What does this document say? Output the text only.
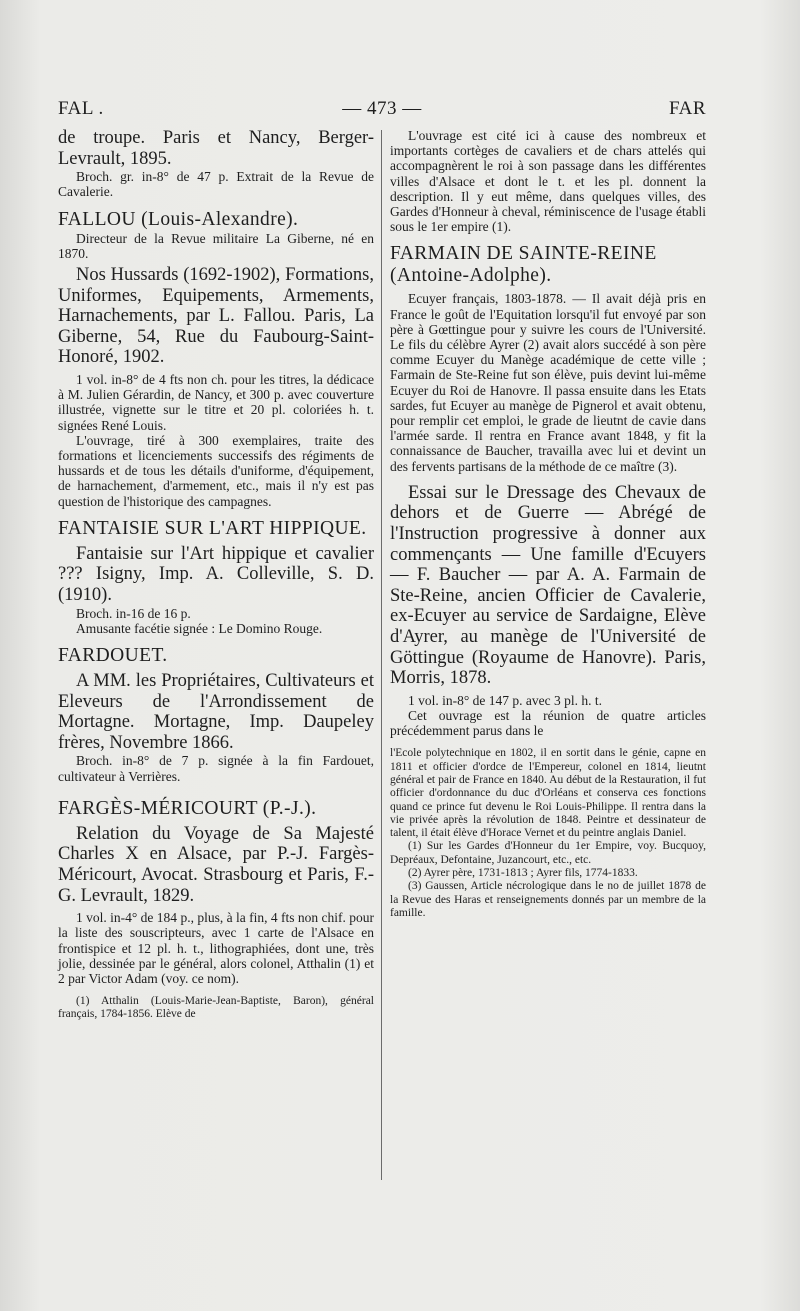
FAL .	— 473 —	FAR

de troupe. Paris et Nancy, Berger-Levrault, 1895.

Broch. gr. in-8° de 47 p. Extrait de la Revue de Cavalerie.

FALLOU (Louis-Alexandre).

Directeur de la Revue militaire La Giberne, né en 1870.

Nos Hussards (1692-1902), Formations, Uniformes, Equipements, Armements, Harnachements, par L. Fallou. Paris, La Giberne, 54, Rue du Faubourg-Saint-Honoré, 1902.

1 vol. in-8° de 4 fts non ch. pour les titres, la dédicace à M. Julien Gérardin, de Nancy, et 300 p. avec couverture illustrée, vignette sur le titre et 20 pl. coloriées h. t. signées René Louis.

L'ouvrage, tiré à 300 exemplaires, traite des formations et licenciements successifs des régiments de hussards et de tous les détails d'uniforme, d'équipement, de harnachement, d'armement, etc., mais il n'y est pas question de l'historique des campagnes.

FANTAISIE SUR L'ART HIPPIQUE.

Fantaisie sur l'Art hippique et cavalier ??? Isigny, Imp. A. Colleville, S. D. (1910).

Broch. in-16 de 16 p.

Amusante facétie signée : Le Domino Rouge.

FARDOUET.

A MM. les Propriétaires, Cultivateurs et Eleveurs de l'Arrondissement de Mortagne. Mortagne, Imp. Daupeley frères, Novembre 1866.

Broch. in-8° de 7 p. signée à la fin Fardouet, cultivateur à Verrières.

FARGÈS-MÉRICOURT (P.-J.).

Relation du Voyage de Sa Majesté Charles X en Alsace, par P.-J. Fargès-Méricourt, Avocat. Strasbourg et Paris, F.-G. Levrault, 1829.

1 vol. in-4° de 184 p., plus, à la fin, 4 fts non chif. pour la liste des souscripteurs, avec 1 carte de l'Alsace en frontispice et 12 pl. h. t., lithographiées, dont une, très jolie, dessinée par le général, alors colonel, Atthalin (1) et 2 par Victor Adam (voy. ce nom).

(1) Atthalin (Louis-Marie-Jean-Baptiste, Baron), général français, 1784-1856. Elève de

L'ouvrage est cité ici à cause des nombreux et importants cortèges de cavaliers et de chars attelés qui accompagnèrent le roi à son passage dans les différentes villes d'Alsace et dont le t. et les pl. donnent la description. Il y eut même, dans quelques villes, des Gardes d'Honneur à cheval, réminiscence de l'usage établi sous le 1er empire (1).

FARMAIN DE SAINTE-REINE (Antoine-Adolphe).

Ecuyer français, 1803-1878. — Il avait déjà pris en France le goût de l'Equitation lorsqu'il fut envoyé par son père à Gœttingue pour y suivre les cours de l'Université. Le fils du célèbre Ayrer (2) avait alors succédé à son père comme Ecuyer du Manège académique de cette ville ; Farmain de Ste-Reine fut son élève, puis devint lui-même Ecuyer du Roi de Hanovre. Il passa ensuite dans les Etats sardes, fut Ecuyer au manège de Pignerol et avait obtenu, pour remplir cet emploi, le grade de lieutnt de cavie dans l'armée sarde. Il rentra en France avant 1848, y fit la connaissance de Baucher, travailla avec lui et devint un des fervents partisans de la méthode de ce maître (3).

Essai sur le Dressage des Chevaux de dehors et de Guerre — Abrégé de l'Instruction progressive à donner aux commençants — Une famille d'Ecuyers — F. Baucher — par A. A. Farmain de Ste-Reine, ancien Officier de Cavalerie, ex-Ecuyer au service de Sardaigne, Elève d'Ayrer, au manège de l'Université de Göttingue (Royaume de Hanovre). Paris, Morris, 1878.

1 vol. in-8° de 147 p. avec 3 pl. h. t.

Cet ouvrage est la réunion de quatre articles précédemment parus dans le

l'Ecole polytechnique en 1802, il en sortit dans le génie, capne en 1811 et officier d'ordce de l'Empereur, colonel en 1814, lieutnt général et pair de France en 1840. Au début de la Restauration, il fut officier d'ordonnance du duc d'Orléans et conserva ces fonctions quand ce prince fut devenu le Roi Louis-Philippe. Il rentra dans la vie privée après la révolution de 1848. Peintre et dessinateur de talent, il était élève d'Horace Vernet et du peintre anglais Daniel.

(1) Sur les Gardes d'Honneur du 1er Empire, voy. Bucquoy, Depréaux, Defontaine, Juzancourt, etc., etc.

(2) Ayrer père, 1731-1813 ; Ayrer fils, 1774-1833.

(3) Gaussen, Article nécrologique dans le no de juillet 1878 de la Revue des Haras et renseignements donnés par un membre de la famille.
